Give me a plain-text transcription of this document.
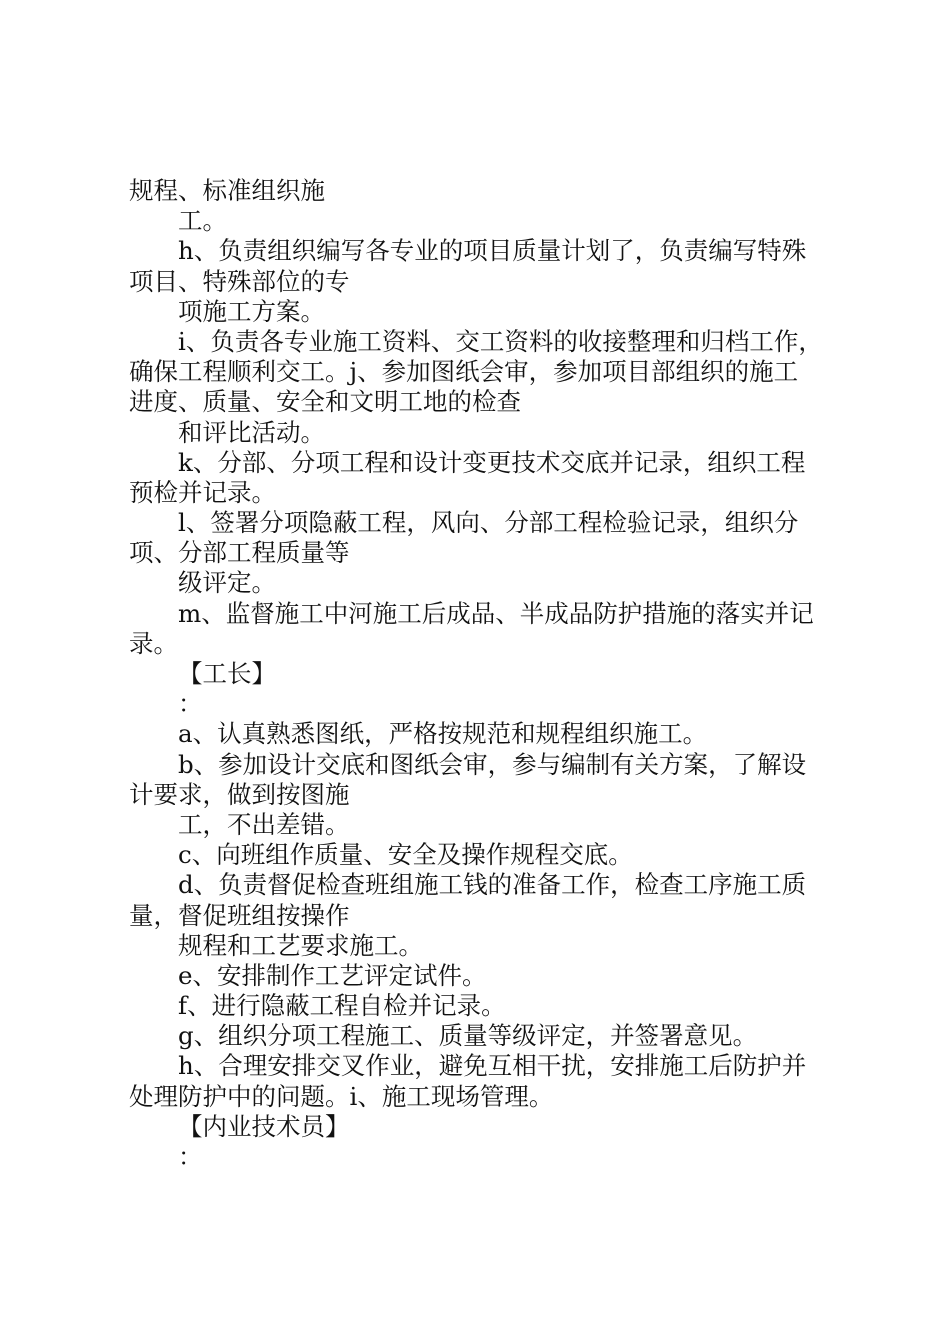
规程、标准组织施
工。
h、负责组织编写各专业的项目质量计划了，负责编写特殊
项目、特殊部位的专
项施工方案。
i、负责各专业施工资料、交工资料的收接整理和归档工作，
确保工程顺利交工。j、参加图纸会审，参加项目部组织的施工
进度、质量、安全和文明工地的检查
和评比活动。
k、分部、分项工程和设计变更技术交底并记录，组织工程
预检并记录。
l、签署分项隐蔽工程，风向、分部工程检验记录，组织分
项、分部工程质量等
级评定。
m、监督施工中河施工后成品、半成品防护措施的落实并记
录。
【工长】
：
a、认真熟悉图纸，严格按规范和规程组织施工。
b、参加设计交底和图纸会审，参与编制有关方案，了解设
计要求，做到按图施
工，不出差错。
c、向班组作质量、安全及操作规程交底。
d、负责督促检查班组施工钱的准备工作，检查工序施工质
量，督促班组按操作
规程和工艺要求施工。
e、安排制作工艺评定试件。
f、进行隐蔽工程自检并记录。
g、组织分项工程施工、质量等级评定，并签署意见。
h、合理安排交叉作业，避免互相干扰，安排施工后防护并
处理防护中的问题。i、施工现场管理。
【内业技术员】
：
